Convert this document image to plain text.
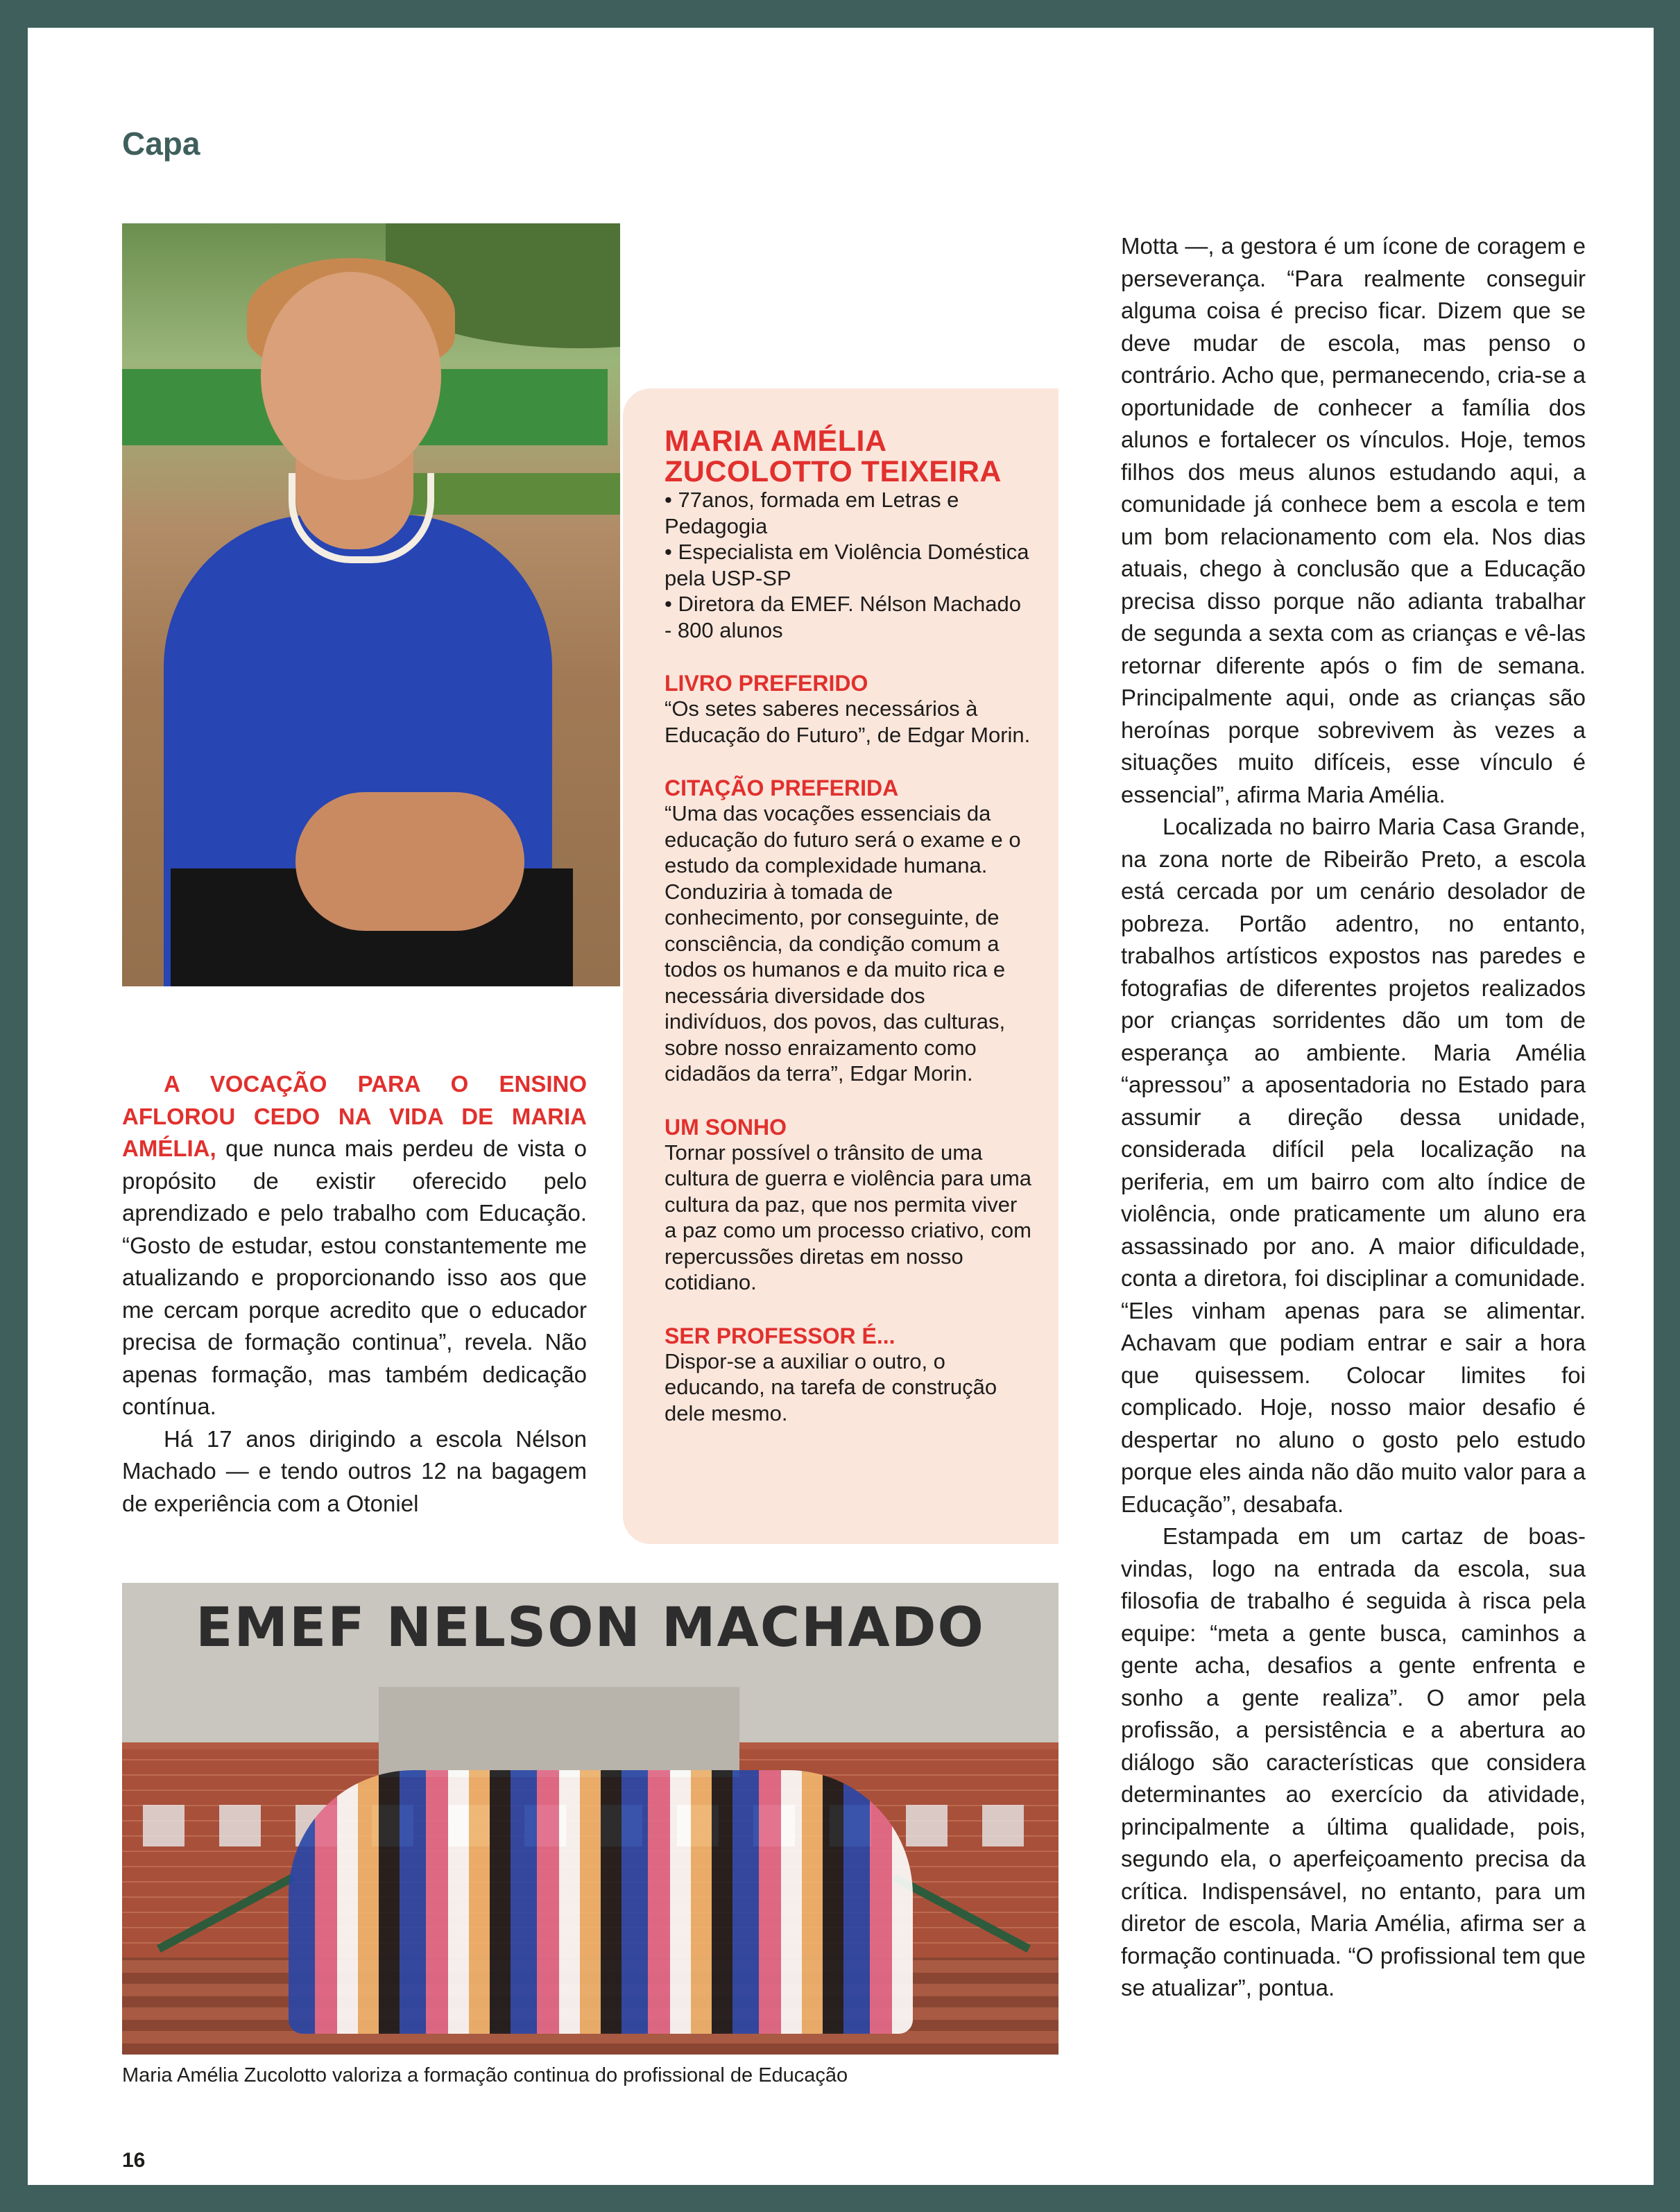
Capa
MARIA AMÉLIA ZUCOLOTTO TEIXEIRA

• 77anos, formada em Letras e Pedagogia

• Especialista em Violência Doméstica pela USP-SP

• Diretora da EMEF. Nélson Machado - 800 alunos

LIVRO PREFERIDO

“Os setes saberes necessários à Educação do Futuro”, de Edgar Morin.

CITAÇÃO PREFERIDA

“Uma das vocações essenciais da educação do futuro será o exame e o estudo da complexidade humana. Conduziria à tomada de conhecimento, por conseguinte, de consciência, da condição comum a todos os humanos e da muito rica e necessária diversidade dos indivíduos, dos povos, das culturas, sobre nosso enraizamento como cidadãos da terra”, Edgar Morin.

UM SONHO

Tornar possível o trânsito de uma cultura de guerra e violência para uma cultura da paz, que nos permita viver a paz como um processo criativo, com repercussões diretas em nosso cotidiano.

SER PROFESSOR É...

Dispor-se a auxiliar o outro, o educando, na tarefa de construção dele mesmo.

A VOCAÇÃO PARA O ENSINO AFLOROU CEDO NA VIDA DE MARIA AMÉLIA, que nunca mais perdeu de vista o propósito de existir oferecido pelo aprendizado e pelo trabalho com Educação. “Gosto de estudar, estou constantemente me atualizando e proporcionando isso aos que me cercam porque acredito que o educador precisa de formação continua”, revela. Não apenas formação, mas também dedicação contínua.

Há 17 anos dirigindo a escola Nélson Machado — e tendo outros 12 na bagagem de experiência com a Otoniel

Motta —, a gestora é um ícone de coragem e perseverança. “Para realmente conseguir alguma coisa é preciso ficar. Dizem que se deve mudar de escola, mas penso o contrário. Acho que, permanecendo, cria-se a oportunidade de conhecer a família dos alunos e fortalecer os vínculos. Hoje, temos filhos dos meus alunos estudando aqui, a comunidade já conhece bem a escola e tem um bom relacionamento com ela. Nos dias atuais, chego à conclusão que a Educação precisa disso porque não adianta trabalhar de segunda a sexta com as crianças e vê-las retornar diferente após o fim de semana. Principalmente aqui, onde as crianças são heroínas porque sobrevivem às vezes a situações muito difíceis, esse vínculo é essencial”, afirma Maria Amélia.

Localizada no bairro Maria Casa Grande, na zona norte de Ribeirão Preto, a escola está cercada por um cenário desolador de pobreza. Portão adentro, no entanto, trabalhos artísticos expostos nas paredes e fotografias de diferentes projetos realizados por crianças sorridentes dão um tom de esperança ao ambiente. Maria Amélia “apressou” a aposentadoria no Estado para assumir a direção dessa unidade, considerada difícil pela localização na periferia, em um bairro com alto índice de violência, onde praticamente um aluno era assassinado por ano. A maior dificuldade, conta a diretora, foi disciplinar a comunidade. “Eles vinham apenas para se alimentar. Achavam que podiam entrar e sair a hora que quisessem. Colocar limites foi complicado. Hoje, nosso maior desafio é despertar no aluno o gosto pelo estudo porque eles ainda não dão muito valor para a Educação”, desabafa.

Estampada em um cartaz de boas-vindas, logo na entrada da escola, sua filosofia de trabalho é seguida à risca pela equipe: “meta a gente busca, caminhos a gente acha, desafios a gente enfrenta e sonho a gente realiza”. O amor pela profissão, a persistência e a abertura ao diálogo são características que considera determinantes ao exercício da atividade, principalmente a última qualidade, pois, segundo ela, o aperfeiçoamento precisa da crítica. Indispensável, no entanto, para um diretor de escola, Maria Amélia, afirma ser a formação continuada. “O profissional tem que se atualizar”, pontua.

EMEF NELSON MACHADO
Maria Amélia Zucolotto valoriza a formação continua do profissional de Educação
16
